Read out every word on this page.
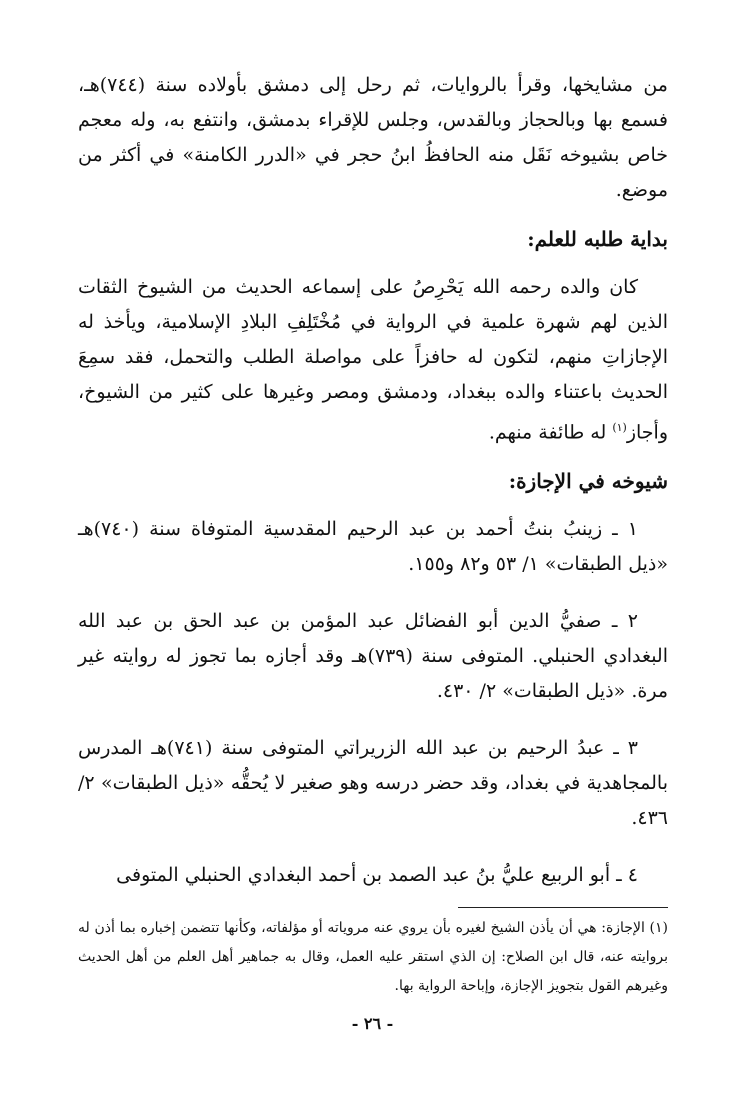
من مشايخها، وقرأ بالروايات، ثم رحل إلى دمشق بأولاده سنة (٧٤٤)هـ، فسمع بها وبالحجاز وبالقدس، وجلس للإقراء بدمشق، وانتفع به، وله معجم خاص بشيوخه نَقَل منه الحافظُ ابنُ حجر في «الدرر الكامنة» في أكثر من موضع.

بداية طلبه للعلم:

كان والده رحمه الله يَحْرِصُ على إسماعه الحديث من الشيوخ الثقات الذين لهم شهرة علمية في الرواية في مُخْتَلِفِ البلادِ الإسلامية، ويأخذ له الإجازاتِ منهم، لتكون له حافزاً على مواصلة الطلب والتحمل، فقد سمِعَ الحديث باعتناء والده ببغداد، ودمشق ومصر وغيرها على كثير من الشيوخ، وأجاز$^{(١)}$ له طائفة منهم.

شيوخه في الإجازة:

١ ـ زينبُ بنتُ أحمد بن عبد الرحيم المقدسية المتوفاة سنة (٧٤٠)هـ «ذيل الطبقات» ١/ ٥٣ و٨٢ و١٥٥.

٢ ـ صفيُّ الدين أبو الفضائل عبد المؤمن بن عبد الحق بن عبد الله البغدادي الحنبلي. المتوفى سنة (٧٣٩)هـ وقد أجازه بما تجوز له روايته غير مرة. «ذيل الطبقات» ٢/ ٤٣٠.

٣ ـ عبدُ الرحيم بن عبد الله الزريراتي المتوفى سنة (٧٤١)هـ المدرس بالمجاهدية في بغداد، وقد حضر درسه وهو صغير لا يُحقُّه «ذيل الطبقات» ٢/ ٤٣٦.

٤ ـ أبو الربيع عليُّ بنُ عبد الصمد بن أحمد البغدادي الحنبلي المتوفى

(١) الإجازة: هي أن يأذن الشيخ لغيره بأن يروي عنه مروياته أو مؤلفاته، وكأنها تتضمن إخباره بما أذن له بروايته عنه، قال ابن الصلاح: إن الذي استقر عليه العمل، وقال به جماهير أهل العلم من أهل الحديث وغيرهم القول بتجويز الإجازة، وإباحة الرواية بها.

- ٢٦ -
